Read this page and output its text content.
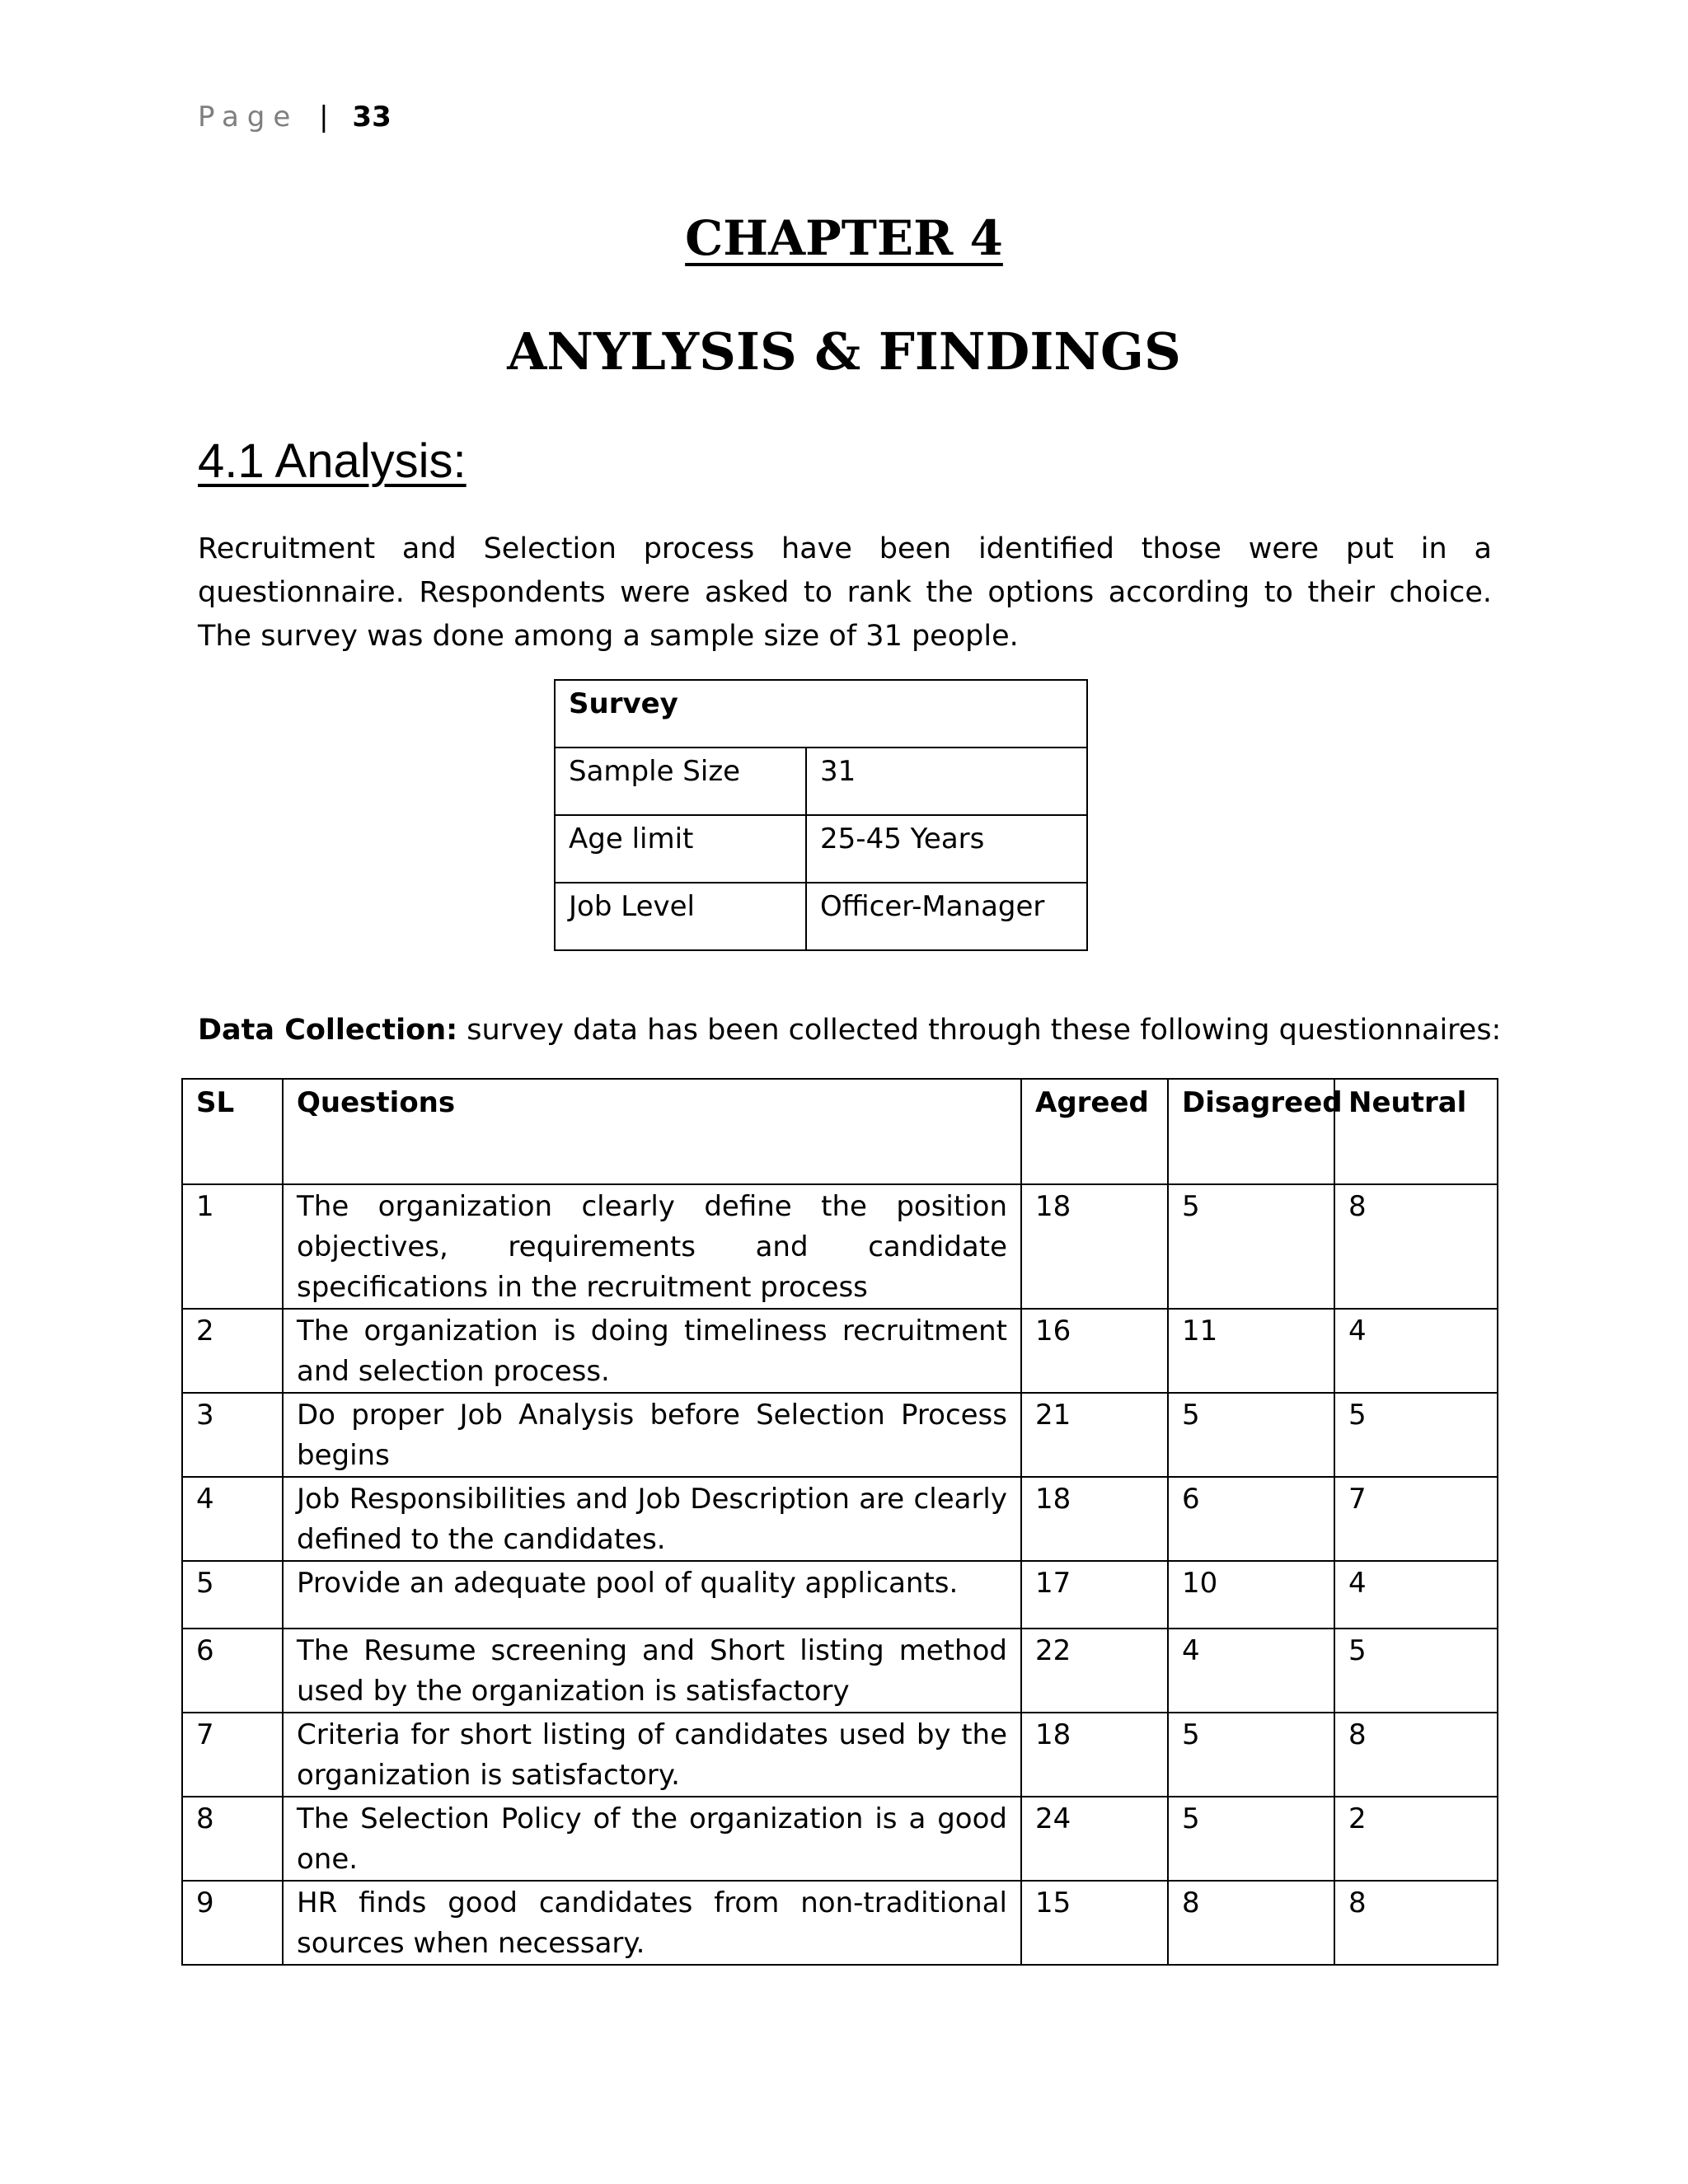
Page | 33
CHAPTER 4
ANYLYSIS & FINDINGS
4.1 Analysis:

Recruitment and Selection process have been identified those were put in a questionnaire. Respondents were asked to rank the options according to their choice. The survey was done among a sample size of 31 people.

Survey	
Sample Size	31
Age limit	25-45 Years
Job Level	Officer-Manager
Data Collection: survey data has been collected through these following questionnaires:
SL	Questions	Agreed	Disagreed	Neutral
1	The organization clearly define the position objectives, requirements and candidate specifications in the recruitment process	18	5	8
2	The organization is doing timeliness recruitment and selection process.	16	11	4
3	Do proper Job Analysis before Selection Process begins	21	5	5
4	Job Responsibilities and Job Description are clearly defined to the candidates.	18	6	7
5	Provide an adequate pool of quality applicants.	17	10	4
6	The Resume screening and Short listing method used by the organization is satisfactory	22	4	5
7	Criteria for short listing of candidates used by the organization is satisfactory.	18	5	8
8	The Selection Policy of the organization is a good one.	24	5	2
9	HR finds good candidates from non-traditional sources when necessary.	15	8	8
